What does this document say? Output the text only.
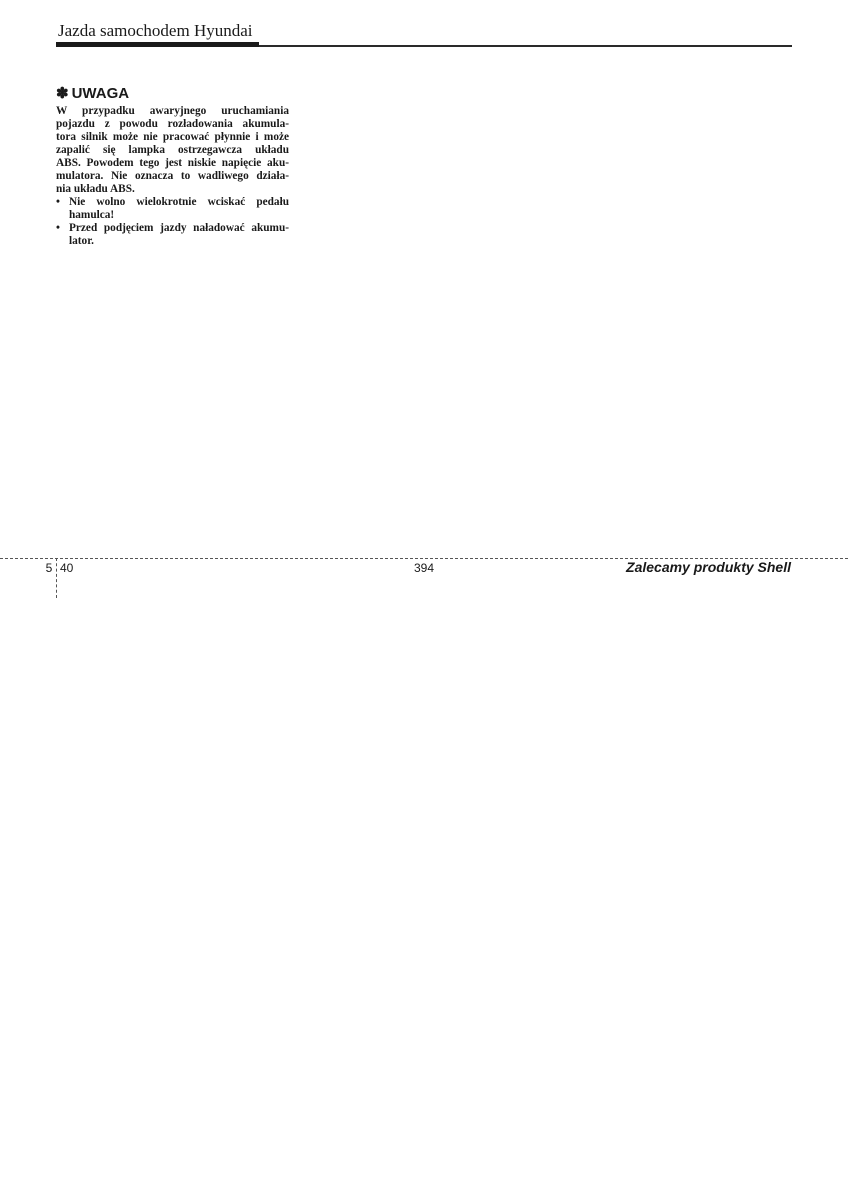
Jazda samochodem Hyundai
✽ UWAGA
W przypadku awaryjnego uruchamiania
pojazdu z powodu rozładowania akumula-
tora silnik może nie pracować płynnie i może
zapalić się lampka ostrzegawcza układu
ABS. Powodem tego jest niskie napięcie aku-
mulatora. Nie oznacza to wadliwego działa-
nia układu ABS.
• Nie wolno wielokrotnie wciskać pedału
hamulca!
• Przed podjęciem jazdy naładować akumu-
lator.
5 40	394	Zalecamy produkty Shell
